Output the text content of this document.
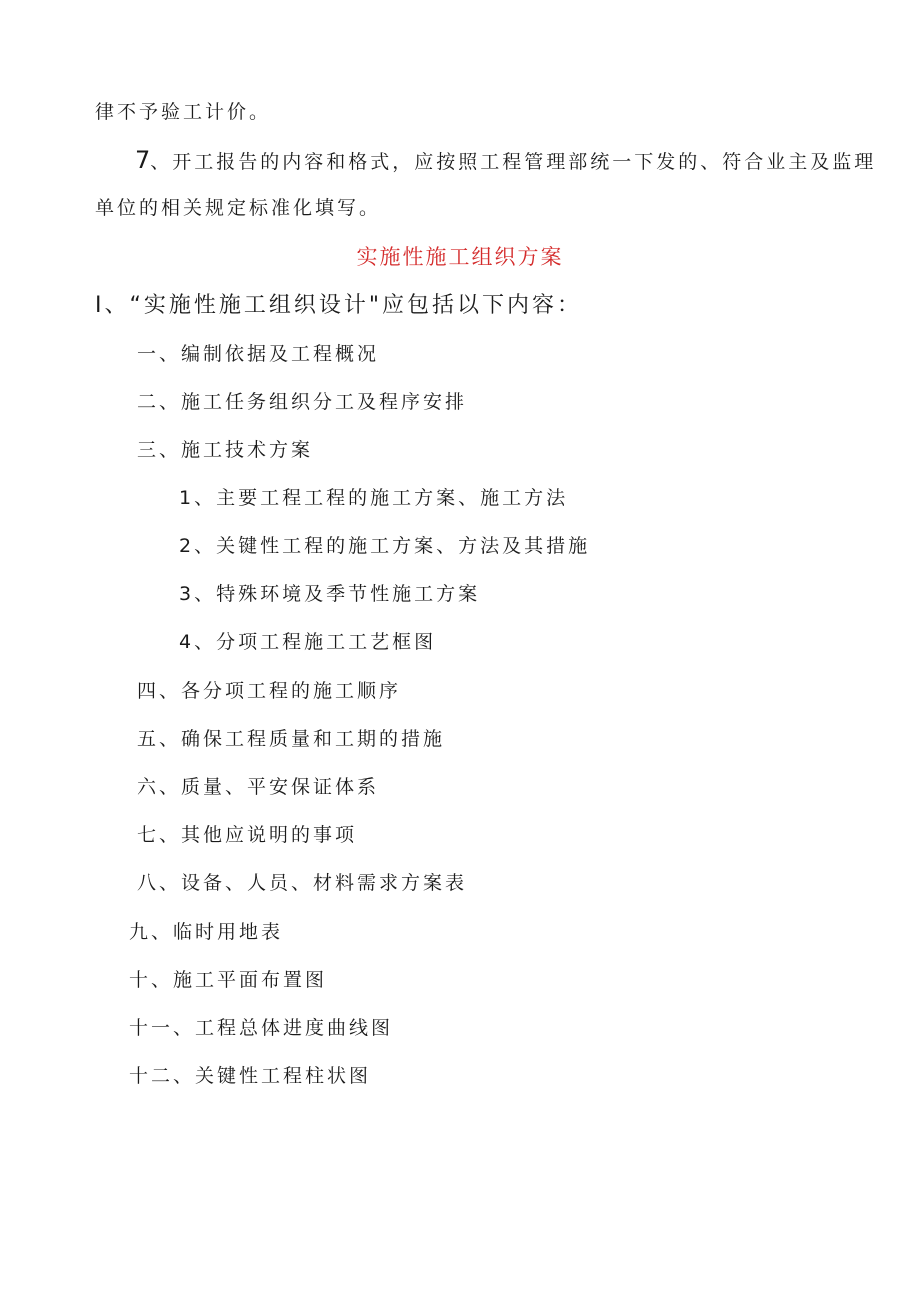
律不予验工计价。
7、开工报告的内容和格式，应按照工程管理部统一下发的、符合业主及监理
单位的相关规定标准化填写。
实施性施工组织方案
I、“实施性施工组织设计"应包括以下内容：
一、编制依据及工程概况
二、施工任务组织分工及程序安排
三、施工技术方案
1、主要工程工程的施工方案、施工方法
2、关键性工程的施工方案、方法及其措施
3、特殊环境及季节性施工方案
4、分项工程施工工艺框图
四、各分项工程的施工顺序
五、确保工程质量和工期的措施
六、质量、平安保证体系
七、其他应说明的事项
八、设备、人员、材料需求方案表
九、临时用地表
十、施工平面布置图
十一、工程总体进度曲线图
十二、关键性工程柱状图
